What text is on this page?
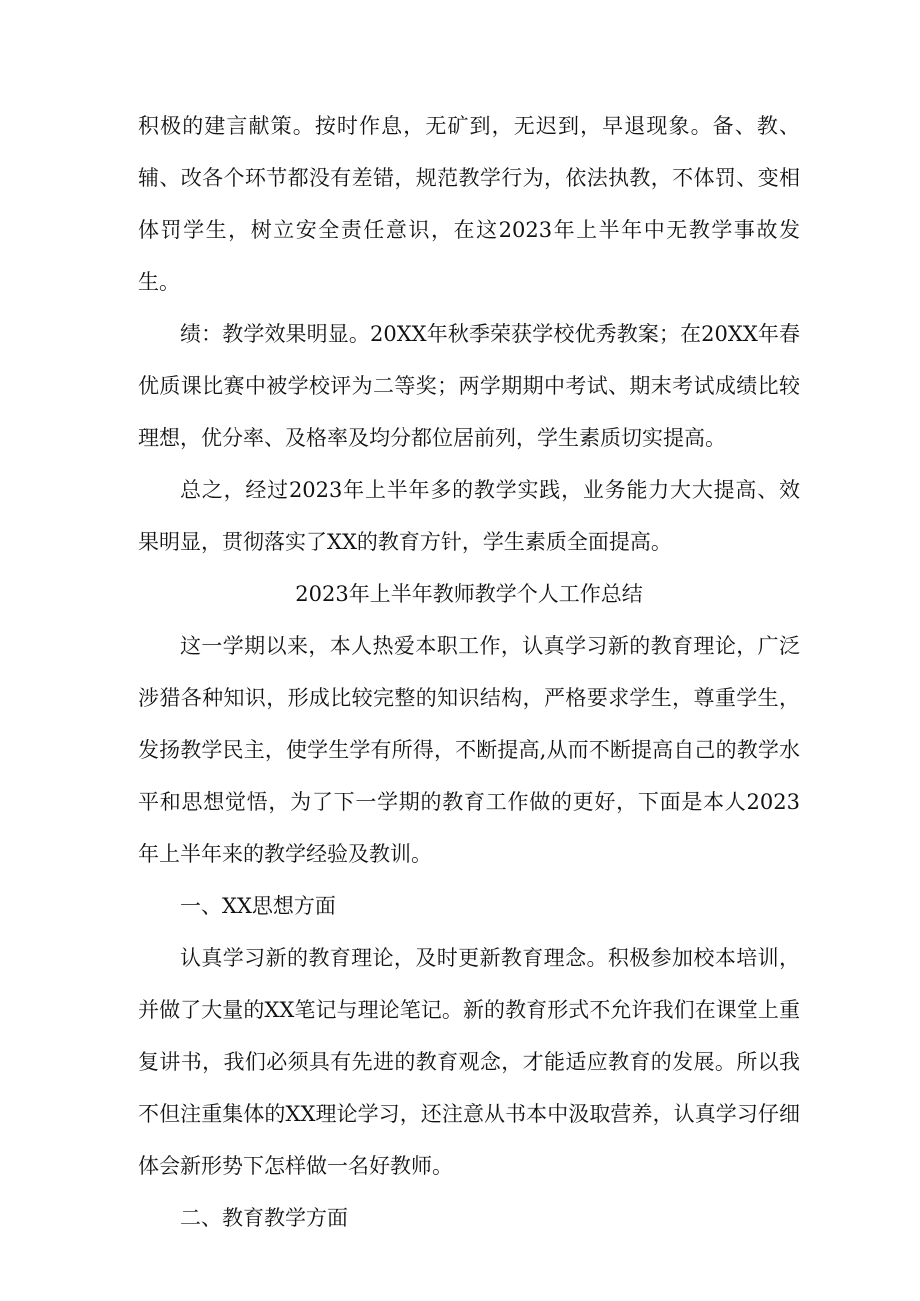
积极的建言献策。按时作息，无矿到，无迟到，早退现象。备、教、辅、改各个环节都没有差错，规范教学行为，依法执教，不体罚、变相体罚学生，树立安全责任意识，在这2023年上半年中无教学事故发生。

绩：教学效果明显。20XX年秋季荣获学校优秀教案；在20XX年春优质课比赛中被学校评为二等奖；两学期期中考试、期末考试成绩比较理想，优分率、及格率及均分都位居前列，学生素质切实提高。

总之，经过2023年上半年多的教学实践，业务能力大大提高、效果明显，贯彻落实了XX的教育方针，学生素质全面提高。

2023年上半年教师教学个人工作总结

这一学期以来，本人热爱本职工作，认真学习新的教育理论，广泛涉猎各种知识，形成比较完整的知识结构，严格要求学生，尊重学生，发扬教学民主，使学生学有所得，不断提高,从而不断提高自己的教学水平和思想觉悟，为了下一学期的教育工作做的更好，下面是本人2023年上半年来的教学经验及教训。

一、XX思想方面

认真学习新的教育理论，及时更新教育理念。积极参加校本培训，并做了大量的XX笔记与理论笔记。新的教育形式不允许我们在课堂上重复讲书，我们必须具有先进的教育观念，才能适应教育的发展。所以我不但注重集体的XX理论学习，还注意从书本中汲取营养，认真学习仔细体会新形势下怎样做一名好教师。

二、教育教学方面
